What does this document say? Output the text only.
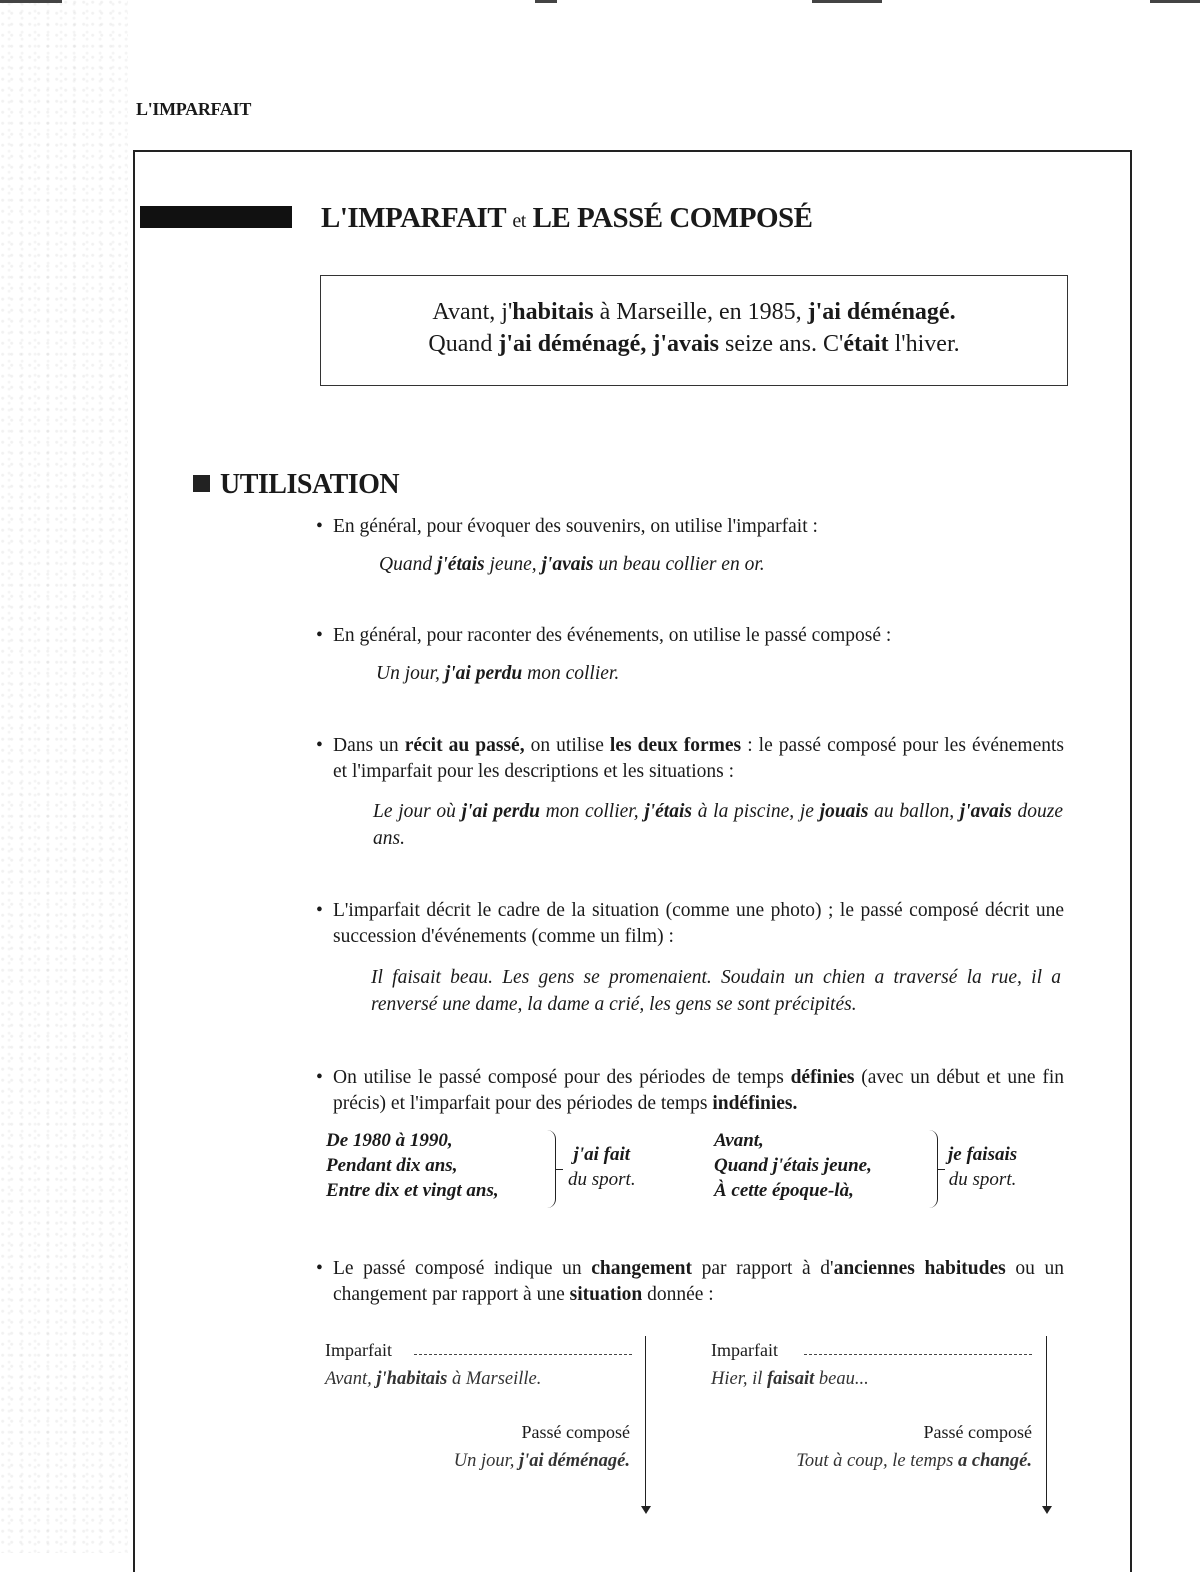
L'IMPARFAIT
L'IMPARFAIT et LE PASSÉ COMPOSÉ
Avant, j'habitais à Marseille, en 1985, j'ai déménagé.
Quand j'ai déménagé, j'avais seize ans. C'était l'hiver.
UTILISATION
• En général, pour évoquer des souvenirs, on utilise l'imparfait :
Quand j'étais jeune, j'avais un beau collier en or.
• En général, pour raconter des événements, on utilise le passé composé :
Un jour, j'ai perdu mon collier.
• Dans un récit au passé, on utilise les deux formes : le passé composé pour les événements et l'imparfait pour les descriptions et les situations :
Le jour où j'ai perdu mon collier, j'étais à la piscine, je jouais au ballon, j'avais douze ans.
• L'imparfait décrit le cadre de la situation (comme une photo) ; le passé composé décrit une succession d'événements (comme un film) :
Il faisait beau. Les gens se promenaient. Soudain un chien a traversé la rue, il a renversé une dame, la dame a crié, les gens se sont précipités.
• On utilise le passé composé pour des périodes de temps définies (avec un début et une fin précis) et l'imparfait pour des périodes de temps indéfinies.
De 1980 à 1990,
Pendant dix ans,
Entre dix et vingt ans,
j'ai fait
du sport.
Avant,
Quand j'étais jeune,
À cette époque-là,
je faisais
du sport.
• Le passé composé indique un changement par rapport à d'anciennes habitudes ou un changement par rapport à une situation donnée :
Imparfait
Avant, j'habitais à Marseille.
Passé composé
Un jour, j'ai déménagé.
Imparfait
Hier, il faisait beau...
Passé composé
Tout à coup, le temps a changé.
